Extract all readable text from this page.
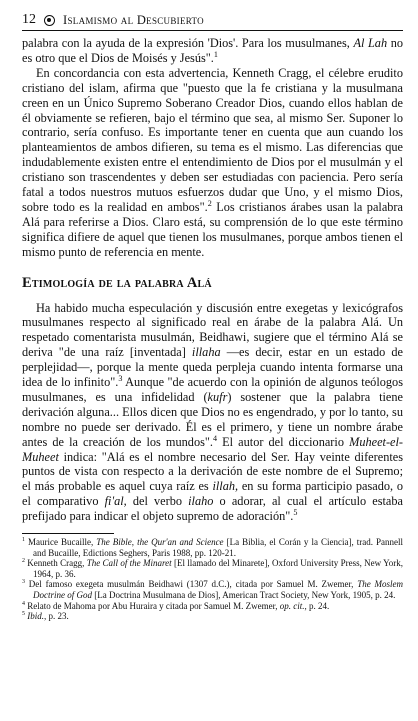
12 Islamismo al Descubierto

palabra con la ayuda de la expresión 'Dios'. Para los musulmanes, Al Lah no es otro que el Dios de Moisés y Jesús".$^1$

En concordancia con esta advertencia, Kenneth Cragg, el célebre erudito cristiano del islam, afirma que "puesto que la fe cristiana y la musulmana creen en un Único Supremo Soberano Creador Dios, cuando ellos hablan de él obviamente se refieren, bajo el término que sea, al mismo Ser. Suponer lo contrario, sería confuso. Es importante tener en cuenta que aun cuando los planteamientos de ambos difieren, su tema es el mismo. Las diferencias que indudablemente existen entre el entendimiento de Dios por el musulmán y el cristiano son trascendentes y deben ser estudiadas con paciencia. Pero sería fatal a todos nuestros mutuos esfuerzos dudar que Uno, y el mismo Dios, sobre todo es la realidad en ambos".$^2$ Los cristianos árabes usan la palabra Alá para referirse a Dios. Claro está, su comprensión de lo que este término significa difiere de aquel que tienen los musulmanes, porque ambos tienen el mismo punto de referencia en mente.

Etimología de la palabra Alá

Ha habido mucha especulación y discusión entre exegetas y lexicógrafos musulmanes respecto al significado real en árabe de la palabra Alá. Un respetado comentarista musulmán, Beidhawi, sugiere que el término Alá se deriva "de una raíz [inventada] illaha —es decir, estar en un estado de perplejidad—, porque la mente queda perpleja cuando intenta formarse una idea de lo infinito".$^3$ Aunque "de acuerdo con la opinión de algunos teólogos musulmanes, es una infidelidad (kufr) sostener que la palabra tiene derivación alguna... Ellos dicen que Dios no es engendrado, y por lo tanto, su nombre no puede ser derivado. Él es el primero, y tiene un nombre árabe antes de la creación de los mundos".$^4$ El autor del diccionario Muheet-el-Muheet indica: "Alá es el nombre necesario del Ser. Hay veinte diferentes puntos de vista con respecto a la derivación de este nombre de el Supremo; el más probable es aquel cuya raíz es illah, en su forma participio pasado, o el comparativo fi'al, del verbo ilaho o adorar, al cual el artículo estaba prefijado para indicar el objeto supremo de adoración".$^5$

$^1$ Maurice Bucaille, The Bible, the Qur'an and Science [La Biblia, el Corán y la Ciencia], trad. Pannell and Bucaille, Edictions Seghers, Paris 1988, pp. 120-21.

$^2$ Kenneth Cragg, The Call of the Minaret [El llamado del Minarete], Oxford University Press, New York, 1964, p. 36.

$^3$ Del famoso exegeta musulmán Beidhawi (1307 d.C.), citada por Samuel M. Zwemer, The Moslem Doctrine of God [La Doctrina Musulmana de Dios], American Tract Society, New York, 1905, p. 24.

$^4$ Relato de Mahoma por Abu Huraira y citada por Samuel M. Zwemer, op. cit., p. 24.

$^5$ Ibid., p. 23.
